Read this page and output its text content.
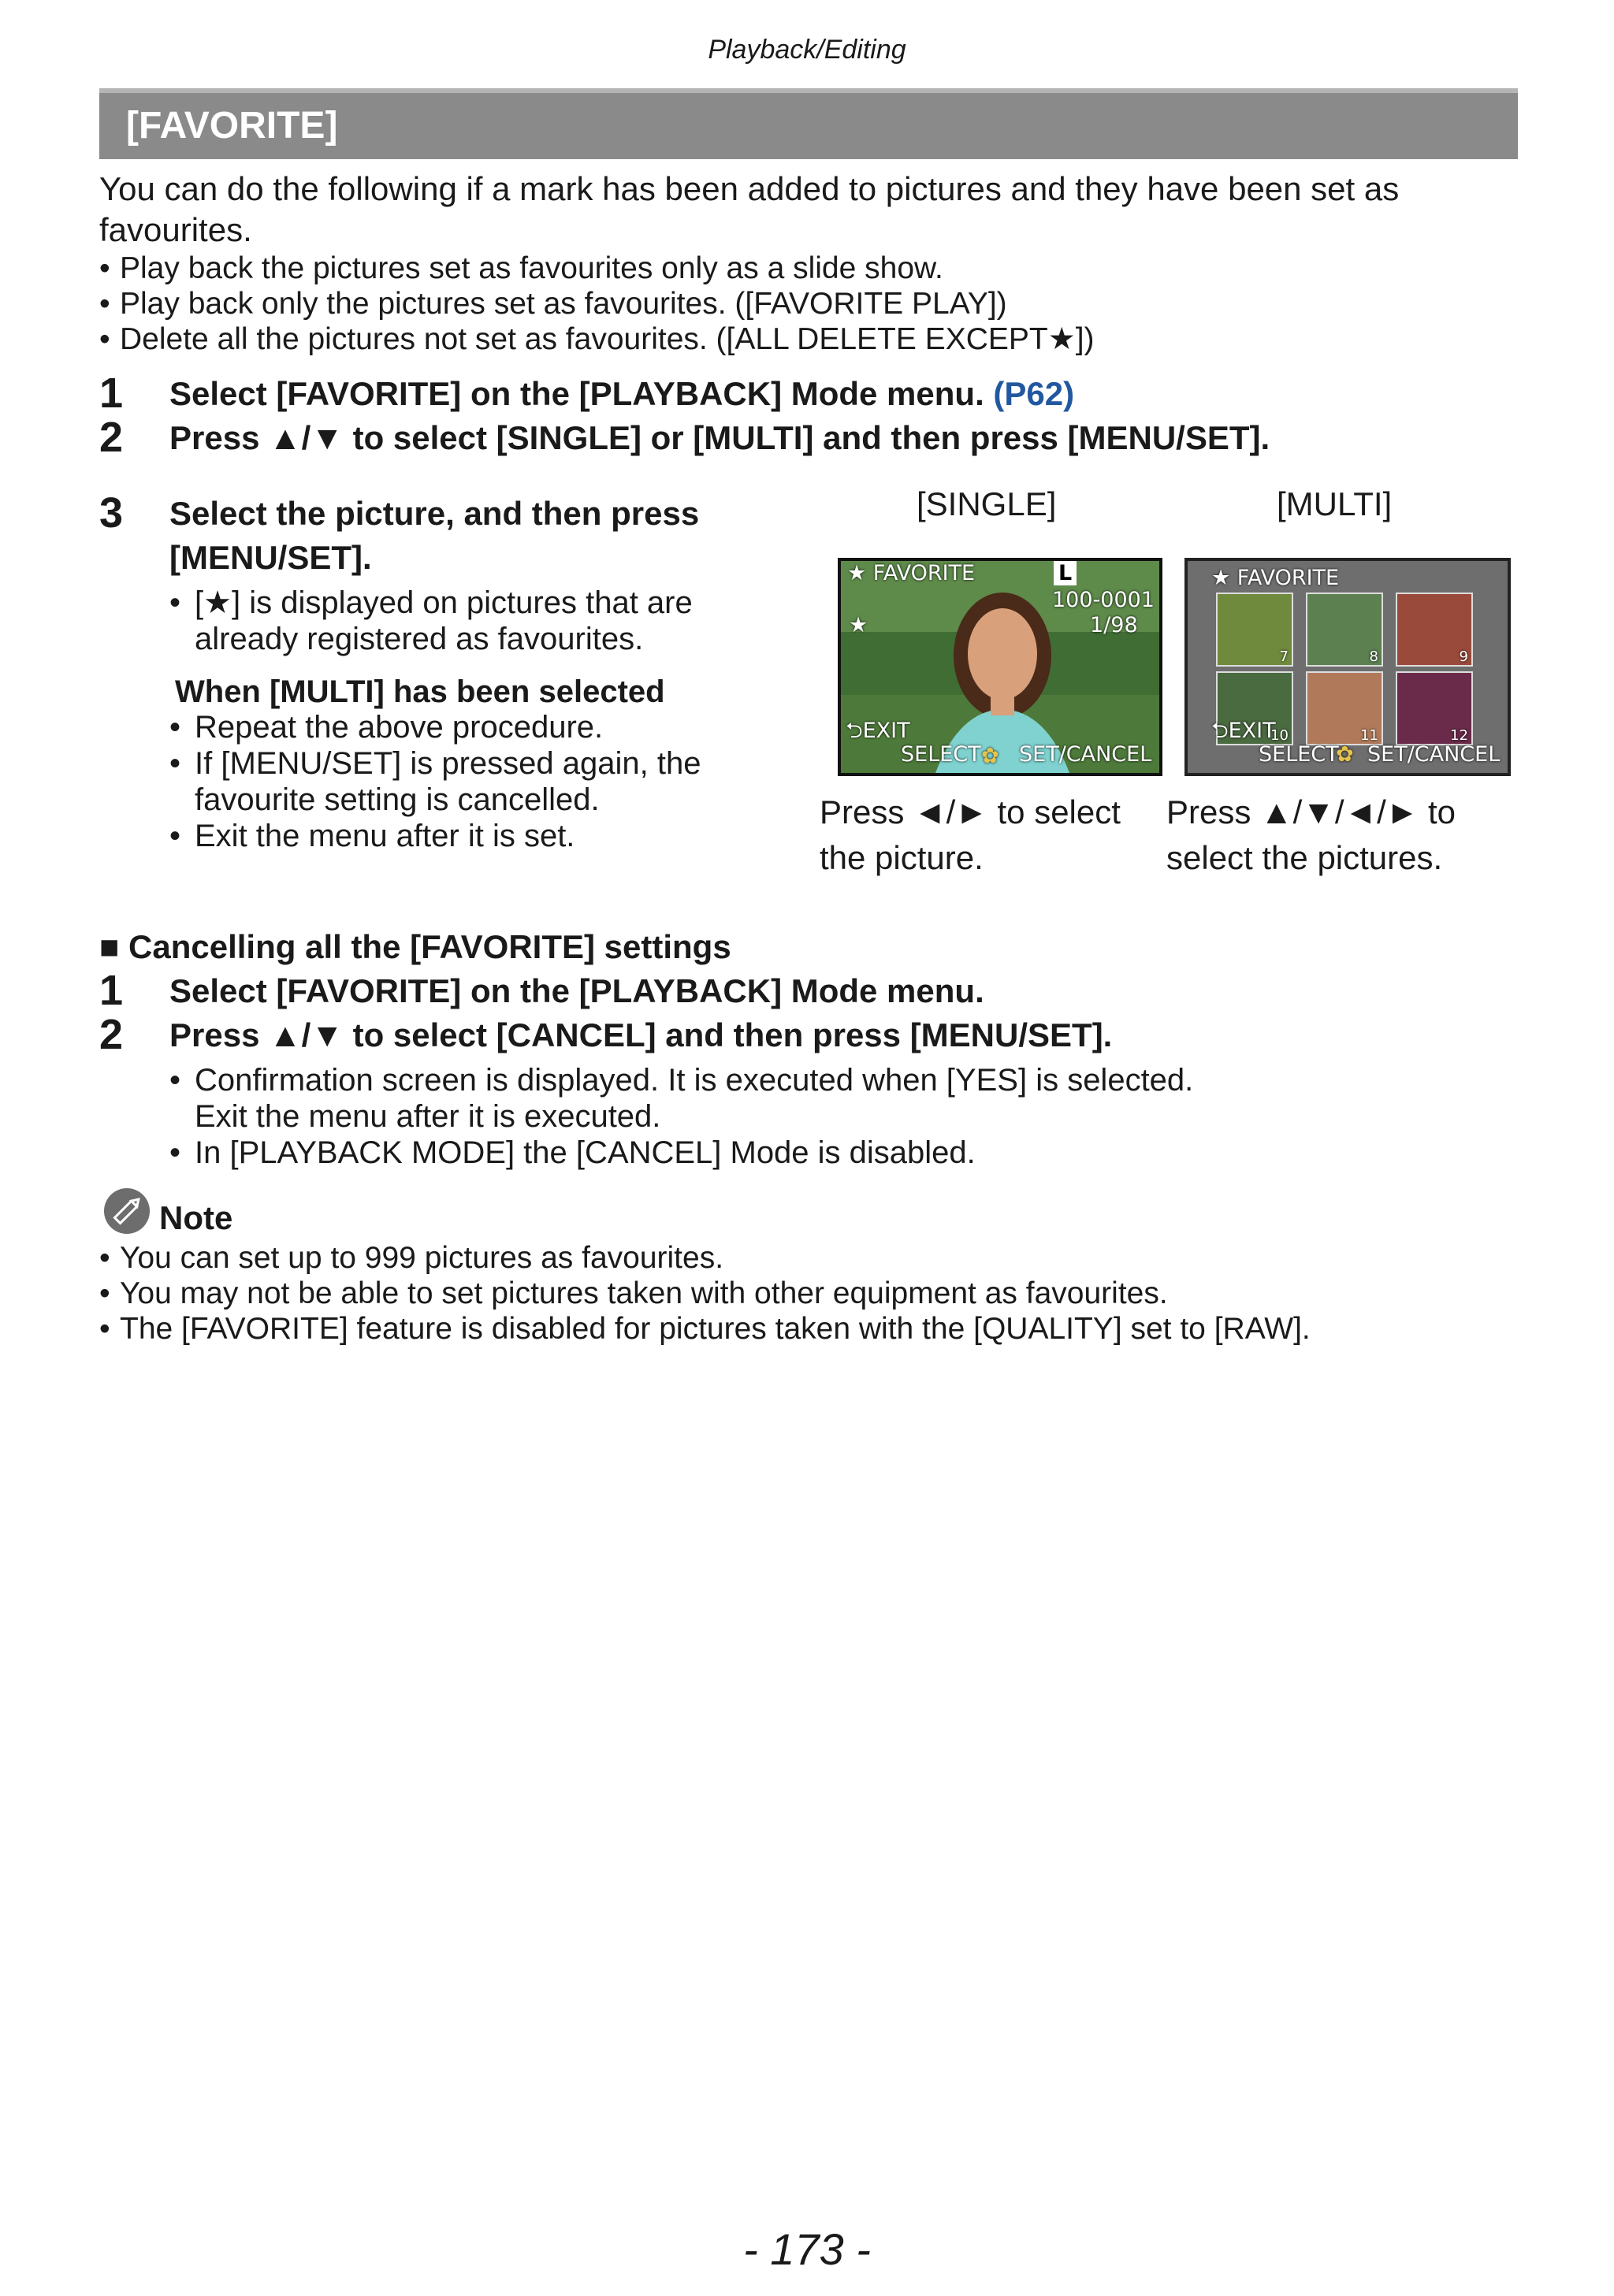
Playback/Editing
[FAVORITE]
You can do the following if a mark has been added to pictures and they have been set as favourites.
• Play back the pictures set as favourites only as a slide show.
• Play back only the pictures set as favourites. ([FAVORITE PLAY])
• Delete all the pictures not set as favourites. ([ALL DELETE EXCEPT★])
1 Select [FAVORITE] on the [PLAYBACK] Mode menu. (P62)
2 Press ▲/▼ to select [SINGLE] or [MULTI] and then press [MENU/SET].
3 Select the picture, and then press
[MENU/SET].
• [★] is displayed on pictures that are already registered as favourites.
When [MULTI] has been selected
• Repeat the above procedure.
• If [MENU/SET] is pressed again, the favourite setting is cancelled.
• Exit the menu after it is set.
[SINGLE]	[MULTI]
★ FAVORITE
★
L
100-0001
1/98
⮌EXIT
SELECT ✿ SET/CANCEL
★ FAVORITE
7	8	9
10	11	12
⮌EXIT
SELECT
✿ SET/CANCEL
Press ◄/► to select the picture.
Press ▲/▼/◄/► to select the pictures.
■ Cancelling all the [FAVORITE] settings
1 Select [FAVORITE] on the [PLAYBACK] Mode menu.
2 Press ▲/▼ to select [CANCEL] and then press [MENU/SET].
• Confirmation screen is displayed. It is executed when [YES] is selected.
Exit the menu after it is executed.
• In [PLAYBACK MODE] the [CANCEL] Mode is disabled.
Note
• You can set up to 999 pictures as favourites.
• You may not be able to set pictures taken with other equipment as favourites.
• The [FAVORITE] feature is disabled for pictures taken with the [QUALITY] set to [RAW].
- 173 -
